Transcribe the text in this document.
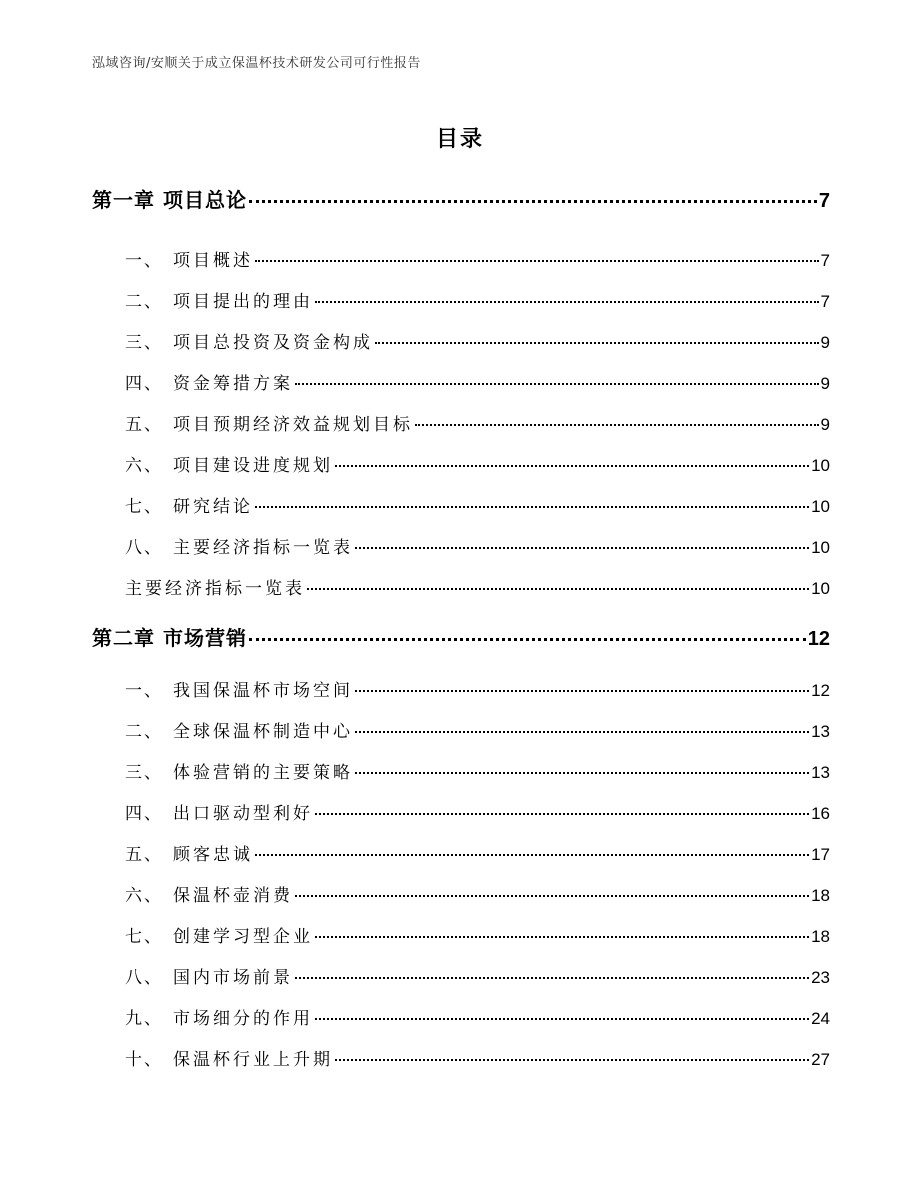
泓域咨询/安顺关于成立保温杯技术研发公司可行性报告
目录
第一章 项目总论	7
一、 项目概述	7
二、 项目提出的理由	7
三、 项目总投资及资金构成	9
四、 资金筹措方案	9
五、 项目预期经济效益规划目标	9
六、 项目建设进度规划	10
七、 研究结论	10
八、 主要经济指标一览表	10
主要经济指标一览表	10
第二章 市场营销	12
一、 我国保温杯市场空间	12
二、 全球保温杯制造中心	13
三、 体验营销的主要策略	13
四、 出口驱动型利好	16
五、 顾客忠诚	17
六、 保温杯壶消费	18
七、 创建学习型企业	18
八、 国内市场前景	23
九、 市场细分的作用	24
十、 保温杯行业上升期	27
